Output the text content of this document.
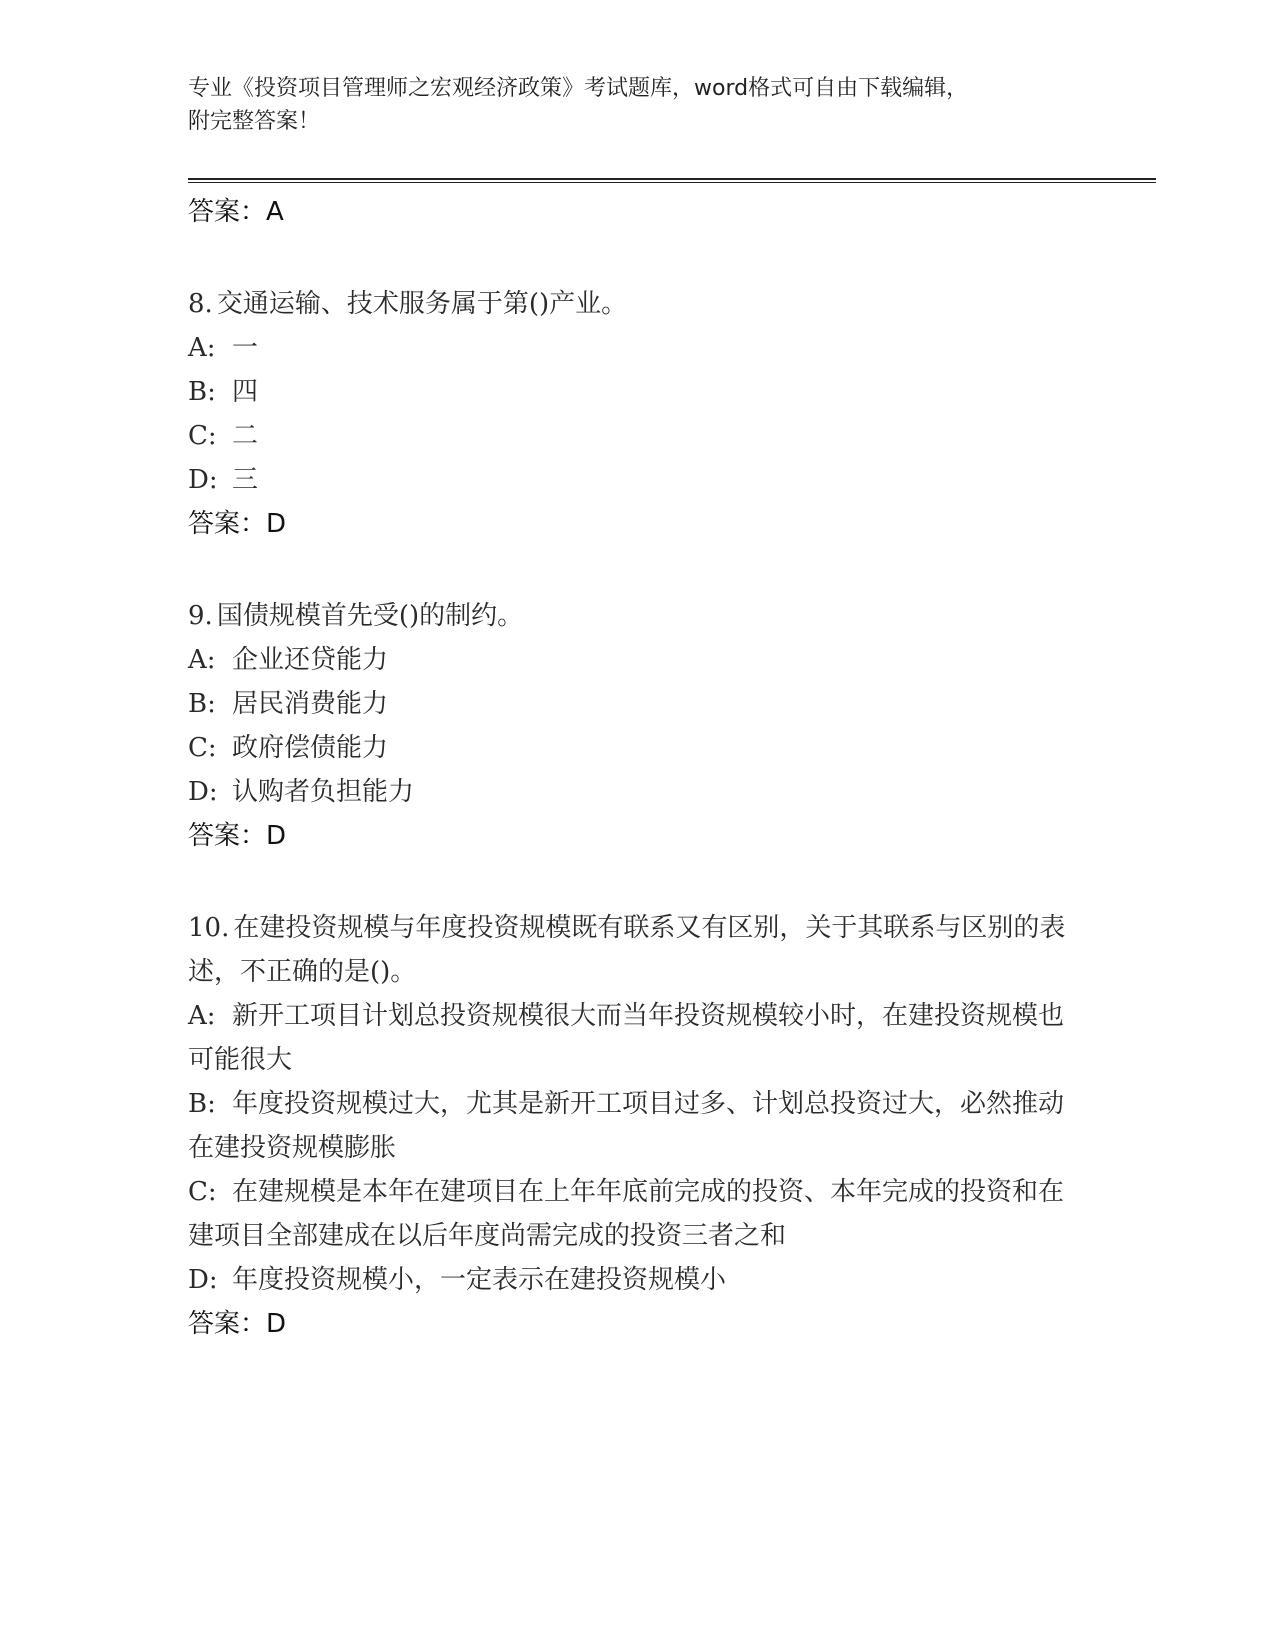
专业《投资项目管理师之宏观经济政策》考试题库，word格式可自由下载编辑，
附完整答案！
答案：A
8. 交通运输、技术服务属于第()产业。
A: 一
B: 四
C: 二
D: 三
答案：D
9. 国债规模首先受()的制约。
A: 企业还贷能力
B: 居民消费能力
C: 政府偿债能力
D: 认购者负担能力
答案：D
10. 在建投资规模与年度投资规模既有联系又有区别，关于其联系与区别的表述，不正确的是()。
A: 新开工项目计划总投资规模很大而当年投资规模较小时，在建投资规模也可能很大
B: 年度投资规模过大，尤其是新开工项目过多、计划总投资过大，必然推动在建投资规模膨胀
C: 在建规模是本年在建项目在上年年底前完成的投资、本年完成的投资和在建项目全部建成在以后年度尚需完成的投资三者之和
D: 年度投资规模小，一定表示在建投资规模小
答案：D
